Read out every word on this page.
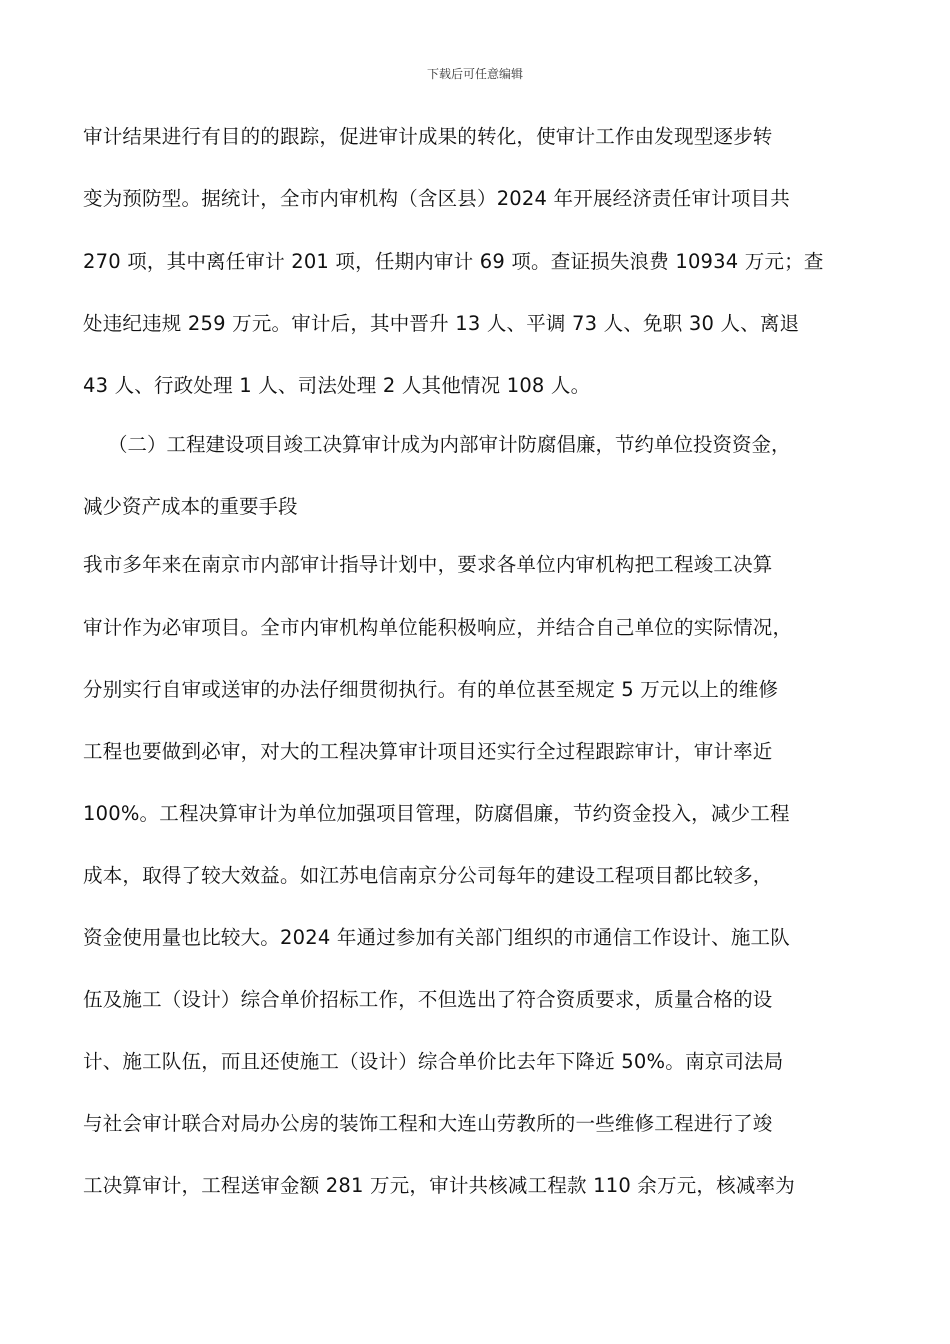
下载后可任意编辑
审计结果进行有目的的跟踪，促进审计成果的转化，使审计工作由发现型逐步转
变为预防型。据统计，全市内审机构（含区县）2024 年开展经济责任审计项目共
270 项，其中离任审计 201 项，任期内审计 69 项。查证损失浪费 10934 万元；查
处违纪违规 259 万元。审计后，其中晋升 13 人、平调 73 人、免职 30 人、离退
43 人、行政处理 1 人、司法处理 2 人其他情况 108 人。
（二）工程建设项目竣工决算审计成为内部审计防腐倡廉，节约单位投资资金，
减少资产成本的重要手段
我市多年来在南京市内部审计指导计划中，要求各单位内审机构把工程竣工决算
审计作为必审项目。全市内审机构单位能积极响应，并结合自己单位的实际情况，
分别实行自审或送审的办法仔细贯彻执行。有的单位甚至规定 5 万元以上的维修
工程也要做到必审，对大的工程决算审计项目还实行全过程跟踪审计，审计率近
100%。工程决算审计为单位加强项目管理，防腐倡廉，节约资金投入，减少工程
成本，取得了较大效益。如江苏电信南京分公司每年的建设工程项目都比较多，
资金使用量也比较大。2024 年通过参加有关部门组织的市通信工作设计、施工队
伍及施工（设计）综合单价招标工作，不但选出了符合资质要求，质量合格的设
计、施工队伍，而且还使施工（设计）综合单价比去年下降近 50%。南京司法局
与社会审计联合对局办公房的装饰工程和大连山劳教所的一些维修工程进行了竣
工决算审计，工程送审金额 281 万元，审计共核减工程款 110 余万元，核减率为
